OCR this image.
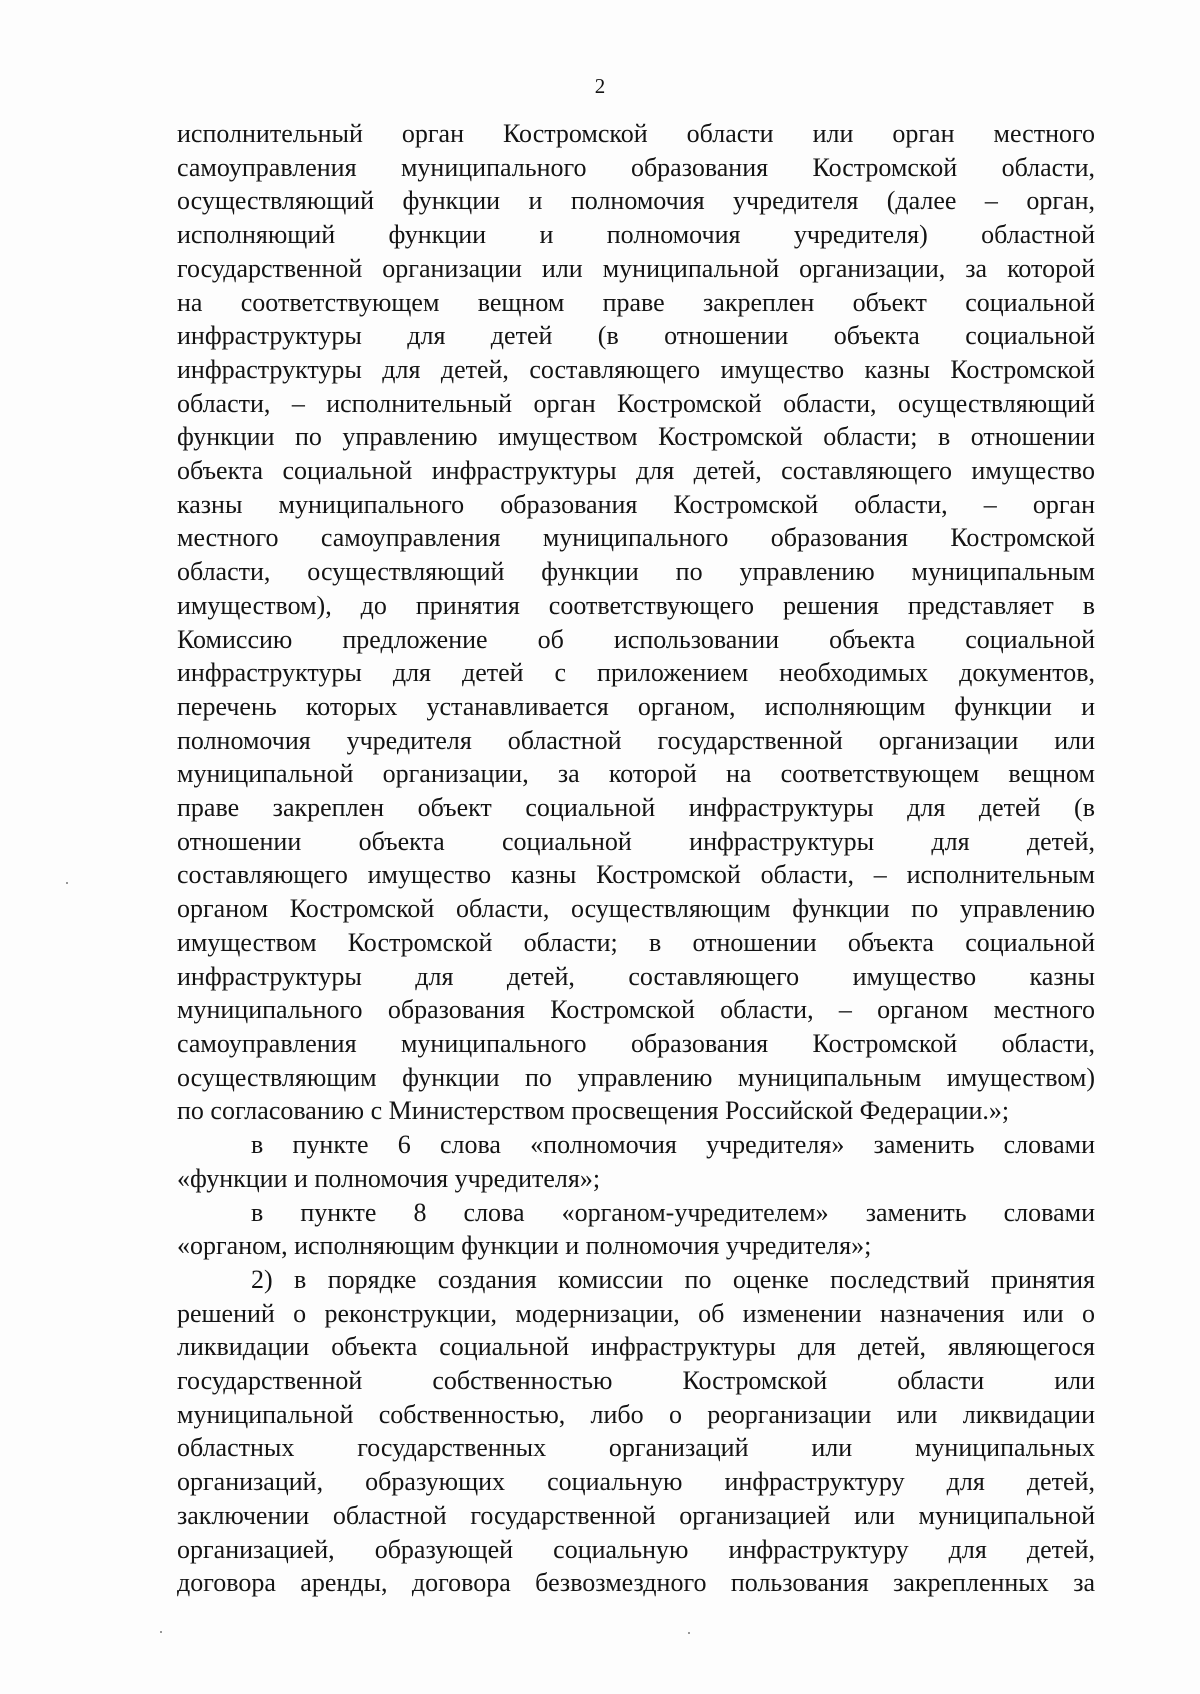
2

исполнительный орган Костромской области или орган местного

самоуправления муниципального образования Костромской области,

осуществляющий функции и полномочия учредителя (далее – орган,

исполняющий функции и полномочия учредителя) областной

государственной организации или муниципальной организации, за которой

на соответствующем вещном праве закреплен объект социальной

инфраструктуры для детей (в отношении объекта социальной

инфраструктуры для детей, составляющего имущество казны Костромской

области, – исполнительный орган Костромской области, осуществляющий

функции по управлению имуществом Костромской области; в отношении

объекта социальной инфраструктуры для детей, составляющего имущество

казны муниципального образования Костромской области, – орган

местного самоуправления муниципального образования Костромской

области, осуществляющий функции по управлению муниципальным

имуществом), до принятия соответствующего решения представляет в

Комиссию предложение об использовании объекта социальной

инфраструктуры для детей с приложением необходимых документов,

перечень которых устанавливается органом, исполняющим функции и

полномочия учредителя областной государственной организации или

муниципальной организации, за которой на соответствующем вещном

праве закреплен объект социальной инфраструктуры для детей (в

отношении объекта социальной инфраструктуры для детей,

составляющего имущество казны Костромской области, – исполнительным

органом Костромской области, осуществляющим функции по управлению

имуществом Костромской области; в отношении объекта социальной

инфраструктуры для детей, составляющего имущество казны

муниципального образования Костромской области, – органом местного

самоуправления муниципального образования Костромской области,

осуществляющим функции по управлению муниципальным имуществом)

по согласованию с Министерством просвещения Российской Федерации.»;

в пункте 6 слова «полномочия учредителя» заменить словами

«функции и полномочия учредителя»;

в пункте 8 слова «органом-учредителем» заменить словами

«органом, исполняющим функции и полномочия учредителя»;

2) в порядке создания комиссии по оценке последствий принятия

решений о реконструкции, модернизации, об изменении назначения или о

ликвидации объекта социальной инфраструктуры для детей, являющегося

государственной собственностью Костромской области или

муниципальной собственностью, либо о реорганизации или ликвидации

областных государственных организаций или муниципальных

организаций, образующих социальную инфраструктуру для детей,

заключении областной государственной организацией или муниципальной

организацией, образующей социальную инфраструктуру для детей,

договора аренды, договора безвозмездного пользования закрепленных за
